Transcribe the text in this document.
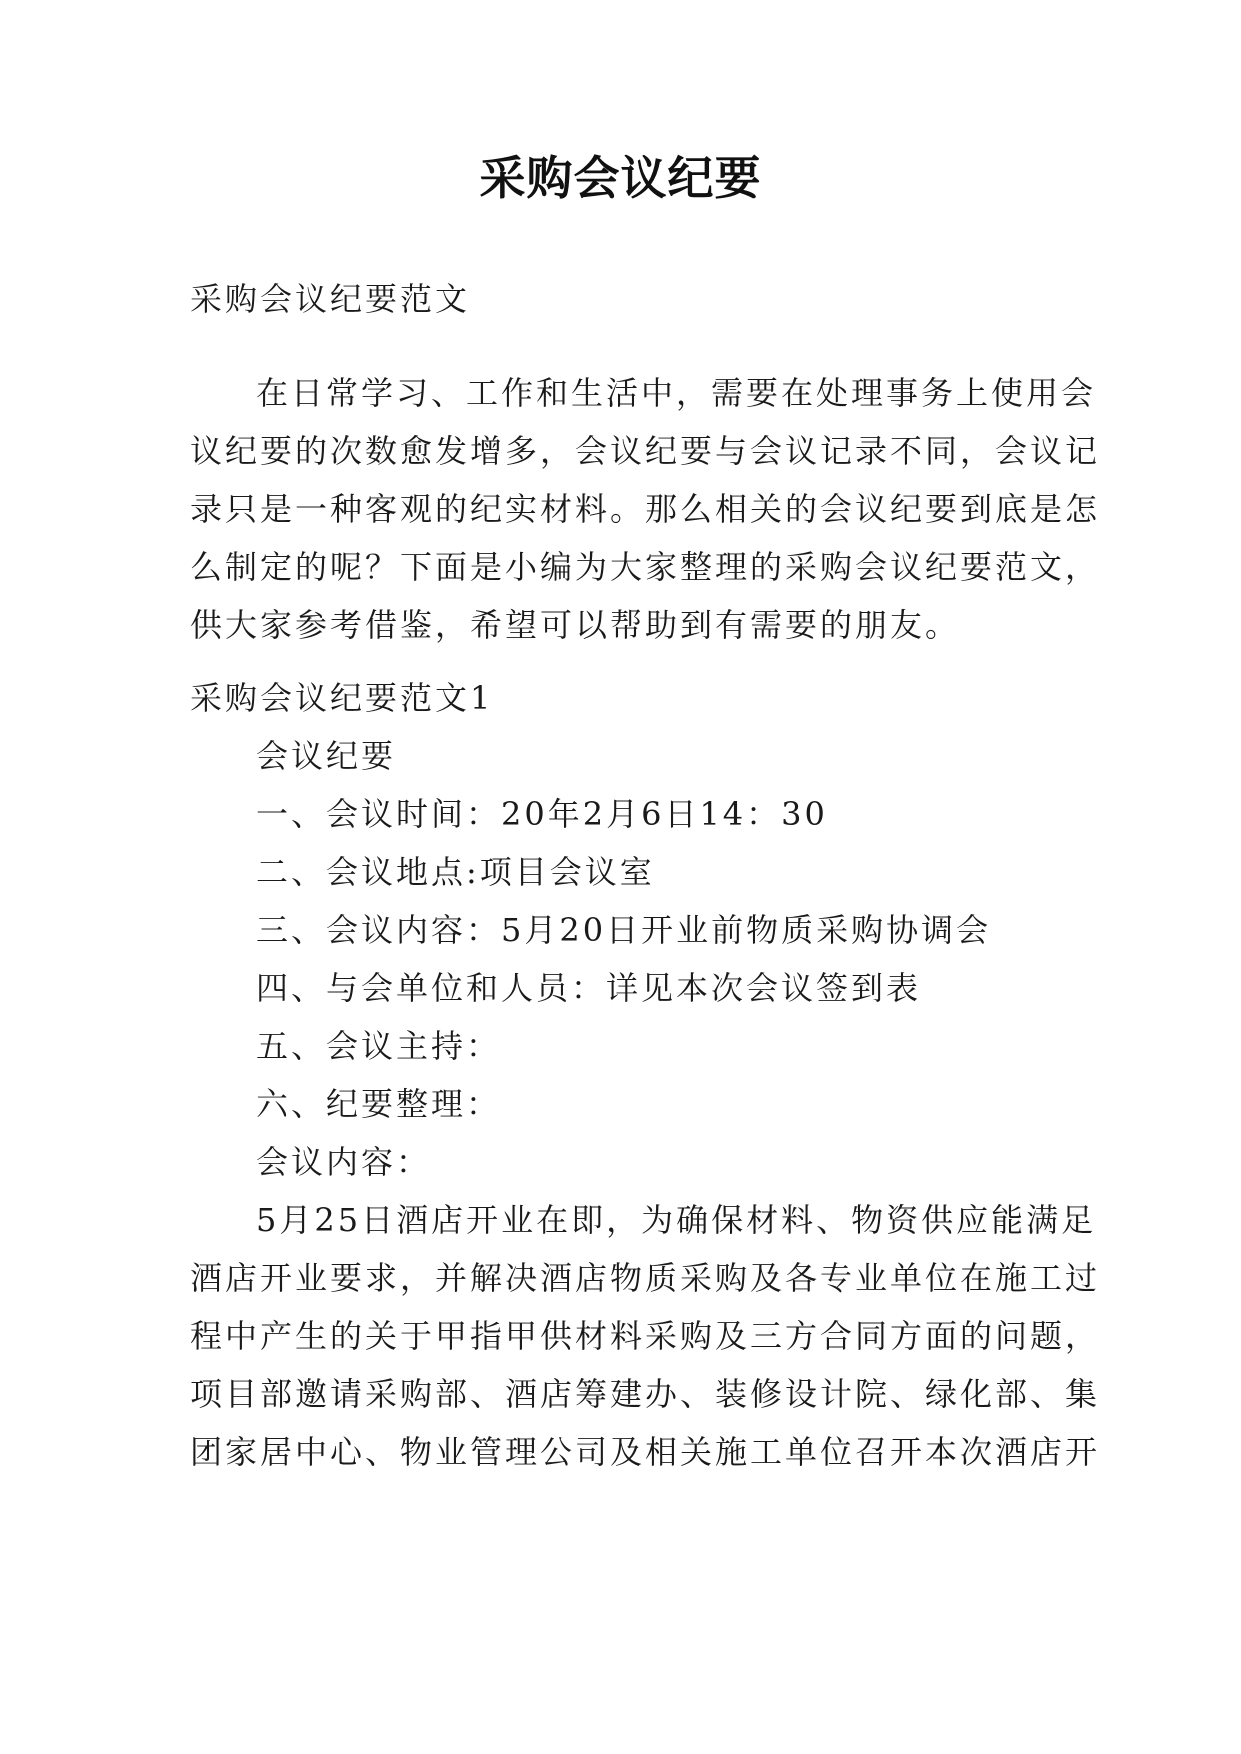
采购会议纪要
采购会议纪要范文
在日常学习、工作和生活中，需要在处理事务上使用会
议纪要的次数愈发增多，会议纪要与会议记录不同，会议记
录只是一种客观的纪实材料。那么相关的会议纪要到底是怎
么制定的呢？下面是小编为大家整理的采购会议纪要范文，
供大家参考借鉴，希望可以帮助到有需要的朋友。
采购会议纪要范文1
会议纪要
一、会议时间：20年2月6日14：30
二、会议地点:项目会议室
三、会议内容：5月20日开业前物质采购协调会
四、与会单位和人员：详见本次会议签到表
五、会议主持：
六、纪要整理：
会议内容：
5月25日酒店开业在即，为确保材料、物资供应能满足
酒店开业要求，并解决酒店物质采购及各专业单位在施工过
程中产生的关于甲指甲供材料采购及三方合同方面的问题，
项目部邀请采购部、酒店筹建办、装修设计院、绿化部、集
团家居中心、物业管理公司及相关施工单位召开本次酒店开
